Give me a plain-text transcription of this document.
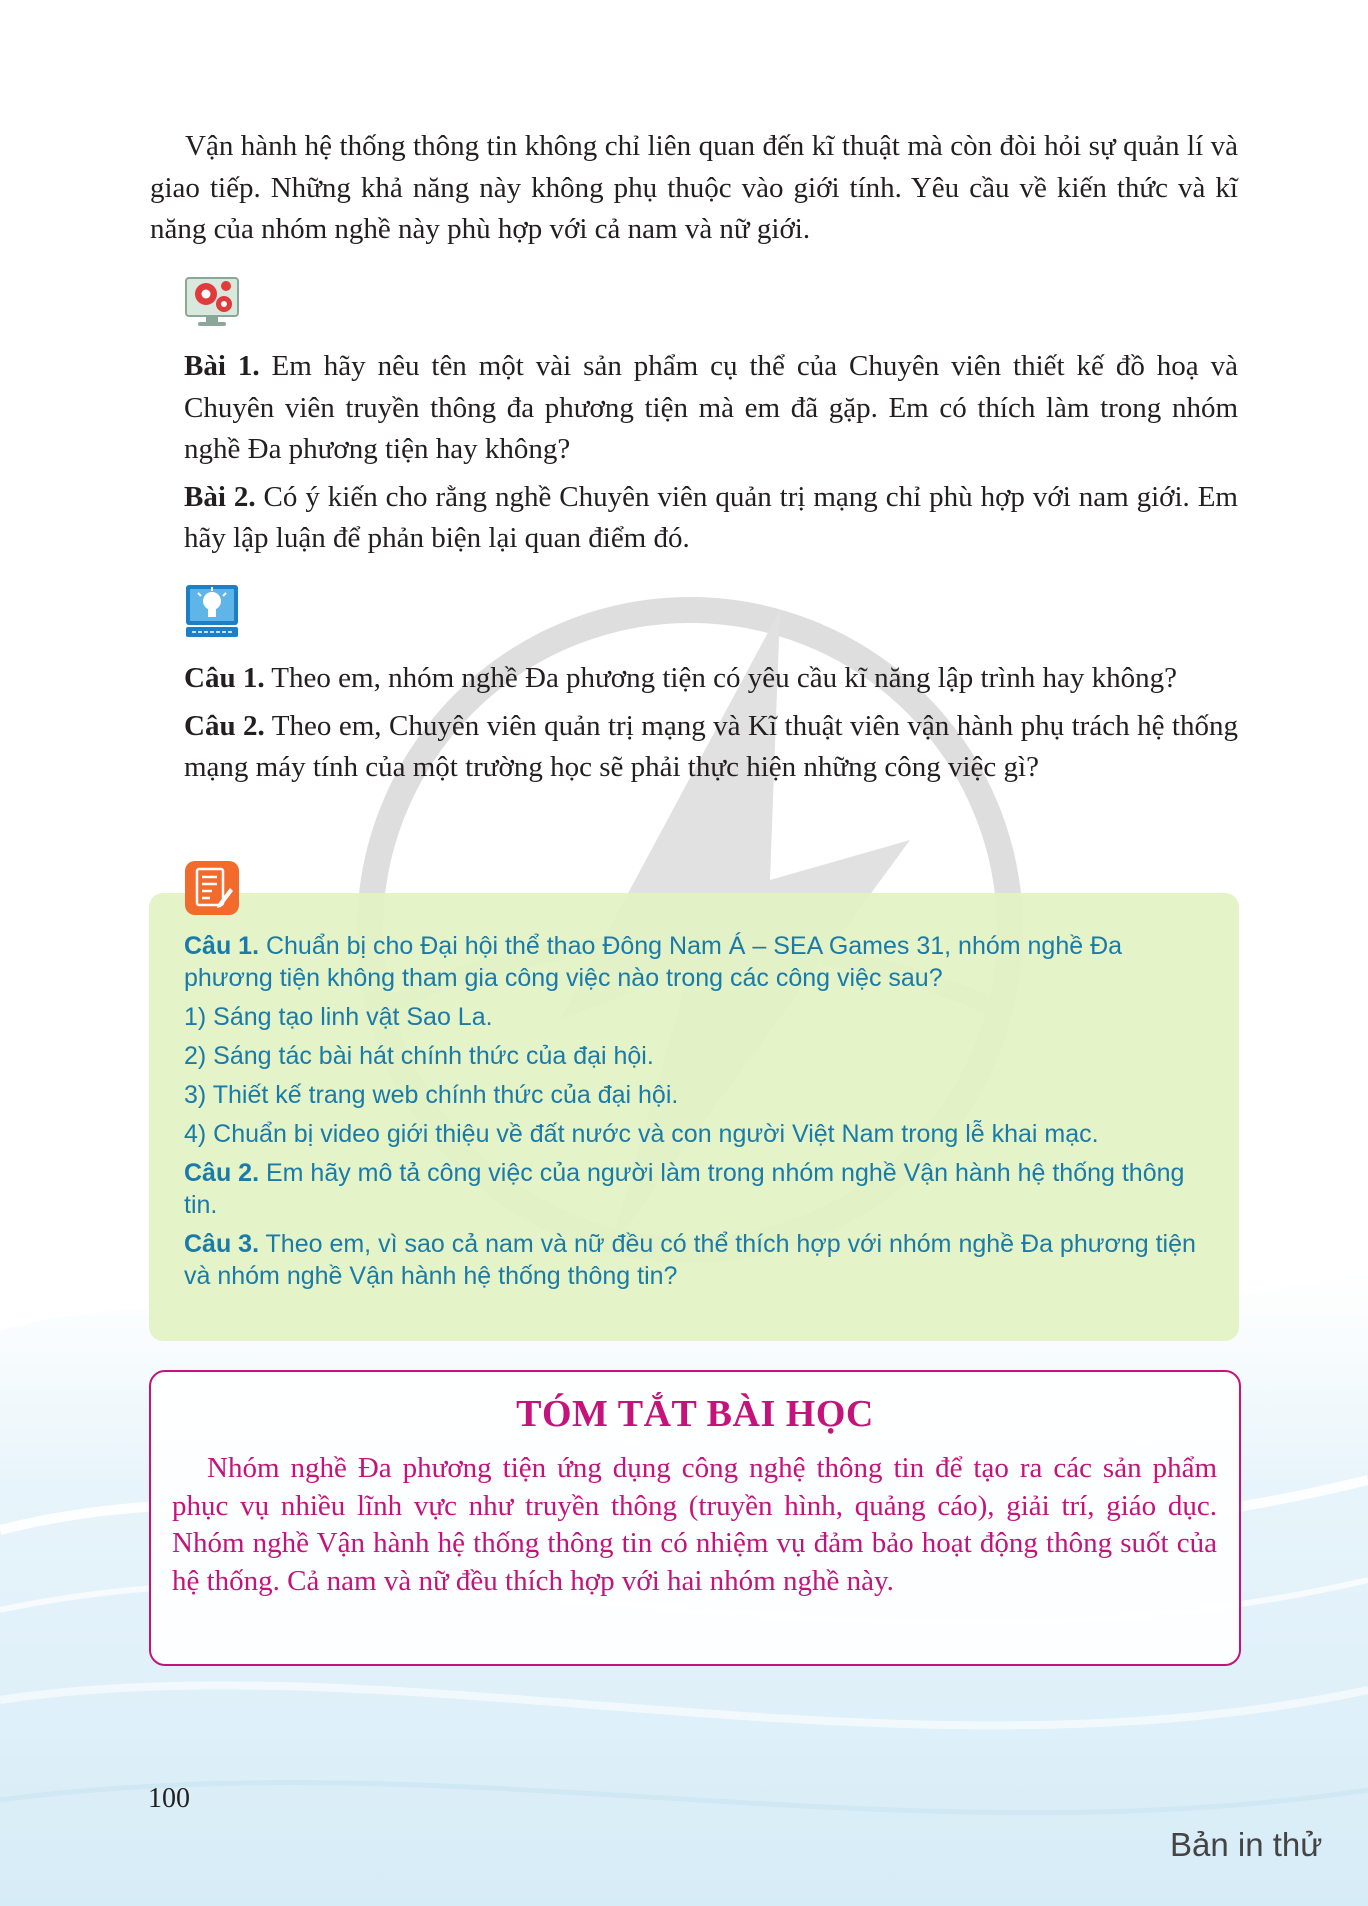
Vận hành hệ thống thông tin không chỉ liên quan đến kĩ thuật mà còn đòi hỏi sự quản lí và giao tiếp. Những khả năng này không phụ thuộc vào giới tính. Yêu cầu về kiến thức và kĩ năng của nhóm nghề này phù hợp với cả nam và nữ giới.

Bài 1. Em hãy nêu tên một vài sản phẩm cụ thể của Chuyên viên thiết kế đồ hoạ và Chuyên viên truyền thông đa phương tiện mà em đã gặp. Em có thích làm trong nhóm nghề Đa phương tiện hay không?

Bài 2. Có ý kiến cho rằng nghề Chuyên viên quản trị mạng chỉ phù hợp với nam giới. Em hãy lập luận để phản biện lại quan điểm đó.

Câu 1. Theo em, nhóm nghề Đa phương tiện có yêu cầu kĩ năng lập trình hay không?

Câu 2. Theo em, Chuyên viên quản trị mạng và Kĩ thuật viên vận hành phụ trách hệ thống mạng máy tính của một trường học sẽ phải thực hiện những công việc gì?

Câu 1. Chuẩn bị cho Đại hội thể thao Đông Nam Á – SEA Games 31, nhóm nghề Đa phương tiện không tham gia công việc nào trong các công việc sau?

1) Sáng tạo linh vật Sao La.

2) Sáng tác bài hát chính thức của đại hội.

3) Thiết kế trang web chính thức của đại hội.

4) Chuẩn bị video giới thiệu về đất nước và con người Việt Nam trong lễ khai mạc.

Câu 2. Em hãy mô tả công việc của người làm trong nhóm nghề Vận hành hệ thống thông tin.

Câu 3. Theo em, vì sao cả nam và nữ đều có thể thích hợp với nhóm nghề Đa phương tiện và nhóm nghề Vận hành hệ thống thông tin?

TÓM TẮT BÀI HỌC

Nhóm nghề Đa phương tiện ứng dụng công nghệ thông tin để tạo ra các sản phẩm phục vụ nhiều lĩnh vực như truyền thông (truyền hình, quảng cáo), giải trí, giáo dục. Nhóm nghề Vận hành hệ thống thông tin có nhiệm vụ đảm bảo hoạt động thông suốt của hệ thống. Cả nam và nữ đều thích hợp với hai nhóm nghề này.

100
Bản in thử
